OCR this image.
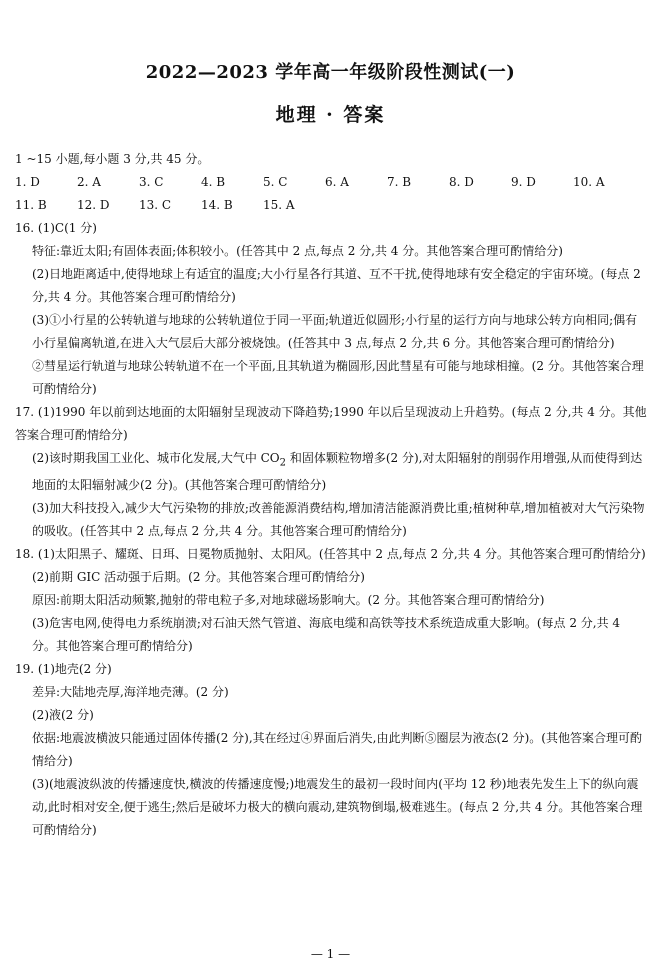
2022—2023 学年高一年级阶段性测试(一)
地理 · 答案
1 ~15 小题,每小题 3 分,共 45 分。
1. D	2. A	3. C	4. B	5. C	6. A	7. B	8. D	9. D	10. A
11. B	12. D	13. C	14. B	15. A
16. (1)C(1 分)
特征:靠近太阳;有固体表面;体积较小。(任答其中 2 点,每点 2 分,共 4 分。其他答案合理可酌情给分)
(2)日地距离适中,使得地球上有适宜的温度;大小行星各行其道、互不干扰,使得地球有安全稳定的宇宙环境。(每点 2 分,共 4 分。其他答案合理可酌情给分)
(3)①小行星的公转轨道与地球的公转轨道位于同一平面;轨道近似圆形;小行星的运行方向与地球公转方向相同;偶有小行星偏离轨道,在进入大气层后大部分被烧蚀。(任答其中 3 点,每点 2 分,共 6 分。其他答案合理可酌情给分)
②彗星运行轨道与地球公转轨道不在一个平面,且其轨道为椭圆形,因此彗星有可能与地球相撞。(2 分。其他答案合理可酌情给分)
17. (1)1990 年以前到达地面的太阳辐射呈现波动下降趋势;1990 年以后呈现波动上升趋势。(每点 2 分,共 4 分。其他答案合理可酌情给分)
(2)该时期我国工业化、城市化发展,大气中 $CO_2$ 和固体颗粒物增多(2 分),对太阳辐射的削弱作用增强,从而使得到达地面的太阳辐射减少(2 分)。(其他答案合理可酌情给分)
(3)加大科技投入,减少大气污染物的排放;改善能源消费结构,增加清洁能源消费比重;植树种草,增加植被对大气污染物的吸收。(任答其中 2 点,每点 2 分,共 4 分。其他答案合理可酌情给分)
18. (1)太阳黑子、耀斑、日珥、日冕物质抛射、太阳风。(任答其中 2 点,每点 2 分,共 4 分。其他答案合理可酌情给分)
(2)前期 GIC 活动强于后期。(2 分。其他答案合理可酌情给分)
原因:前期太阳活动频繁,抛射的带电粒子多,对地球磁场影响大。(2 分。其他答案合理可酌情给分)
(3)危害电网,使得电力系统崩溃;对石油天然气管道、海底电缆和高铁等技术系统造成重大影响。(每点 2 分,共 4 分。其他答案合理可酌情给分)
19. (1)地壳(2 分)
差异:大陆地壳厚,海洋地壳薄。(2 分)
(2)液(2 分)
依据:地震波横波只能通过固体传播(2 分),其在经过④界面后消失,由此判断⑤圈层为液态(2 分)。(其他答案合理可酌情给分)
(3)(地震波纵波的传播速度快,横波的传播速度慢;)地震发生的最初一段时间内(平均 12 秒)地表先发生上下的纵向震动,此时相对安全,便于逃生;然后是破坏力极大的横向震动,建筑物倒塌,极难逃生。(每点 2 分,共 4 分。其他答案合理可酌情给分)
— 1 —
